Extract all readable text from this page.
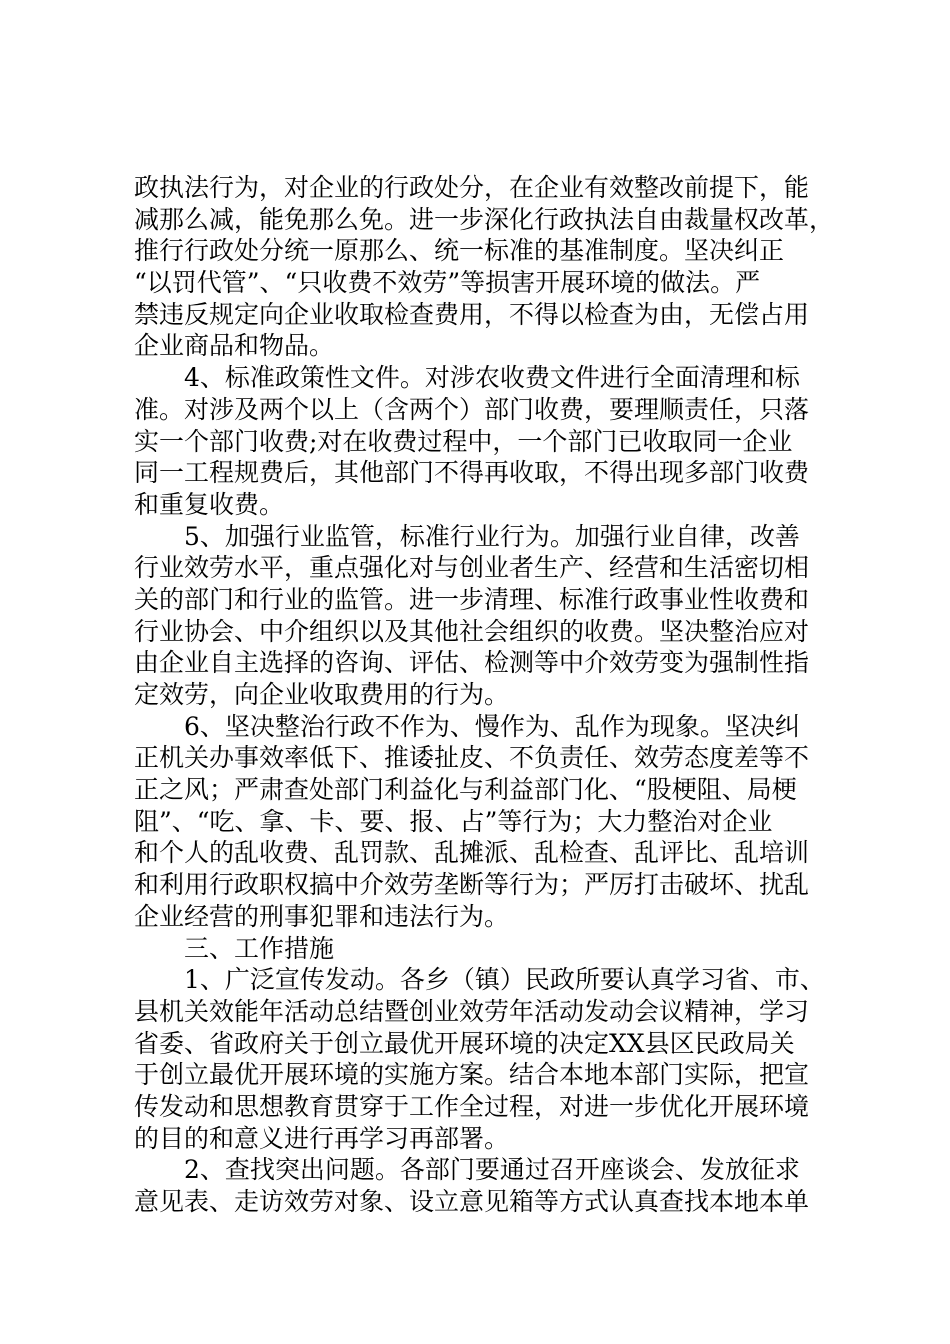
政执法行为，对企业的行政处分，在企业有效整改前提下，能
减那么减，能免那么免。进一步深化行政执法自由裁量权改革，
推行行政处分统一原那么、统一标准的基准制度。坚决纠正
“以罚代管”、“只收费不效劳”等损害开展环境的做法。严
禁违反规定向企业收取检查费用，不得以检查为由，无偿占用
企业商品和物品。
4、标准政策性文件。对涉农收费文件进行全面清理和标
准。对涉及两个以上（含两个）部门收费，要理顺责任，只落
实一个部门收费;对在收费过程中，一个部门已收取同一企业
同一工程规费后，其他部门不得再收取，不得出现多部门收费
和重复收费。
5、加强行业监管，标准行业行为。加强行业自律，改善
行业效劳水平，重点强化对与创业者生产、经营和生活密切相
关的部门和行业的监管。进一步清理、标准行政事业性收费和
行业协会、中介组织以及其他社会组织的收费。坚决整治应对
由企业自主选择的咨询、评估、检测等中介效劳变为强制性指
定效劳，向企业收取费用的行为。
6、坚决整治行政不作为、慢作为、乱作为现象。坚决纠
正机关办事效率低下、推诿扯皮、不负责任、效劳态度差等不
正之风；严肃查处部门利益化与利益部门化、“股梗阻、局梗
阻”、“吃、拿、卡、要、报、占”等行为；大力整治对企业
和个人的乱收费、乱罚款、乱摊派、乱检查、乱评比、乱培训
和利用行政职权搞中介效劳垄断等行为；严厉打击破坏、扰乱
企业经营的刑事犯罪和违法行为。
三、工作措施
1、广泛宣传发动。各乡（镇）民政所要认真学习省、市、
县机关效能年活动总结暨创业效劳年活动发动会议精神，学习
省委、省政府关于创立最优开展环境的决定XX县区民政局关
于创立最优开展环境的实施方案。结合本地本部门实际，把宣
传发动和思想教育贯穿于工作全过程，对进一步优化开展环境
的目的和意义进行再学习再部署。
2、查找突出问题。各部门要通过召开座谈会、发放征求
意见表、走访效劳对象、设立意见箱等方式认真查找本地本单
